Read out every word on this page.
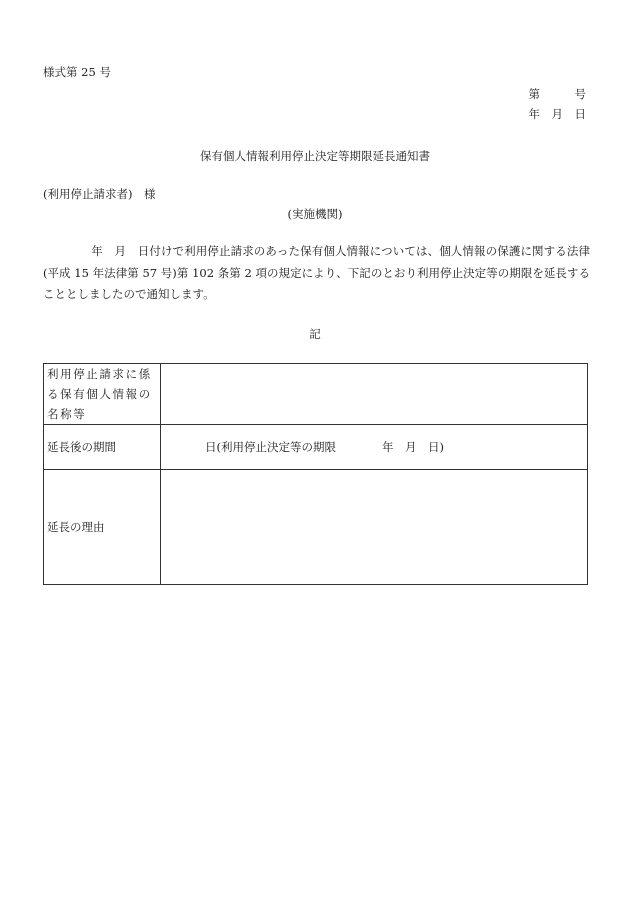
様式第 25 号
第　　　号
年　月　日
保有個人情報利用停止決定等期限延長通知書
(利用停止請求者)　様
(実施機関)
年　月　日付けで利用停止請求のあった保有個人情報については、個人情報の保護に関する法律(平成 15 年法律第 57 号)第 102 条第 2 項の規定により、下記のとおり利用停止決定等の期限を延長することとしましたので通知します。
記
利用停止請求に係る保有個人情報の名称等	
延長後の期間	日(利用停止決定等の期限　　　　年　月　日)
延長の理由	
